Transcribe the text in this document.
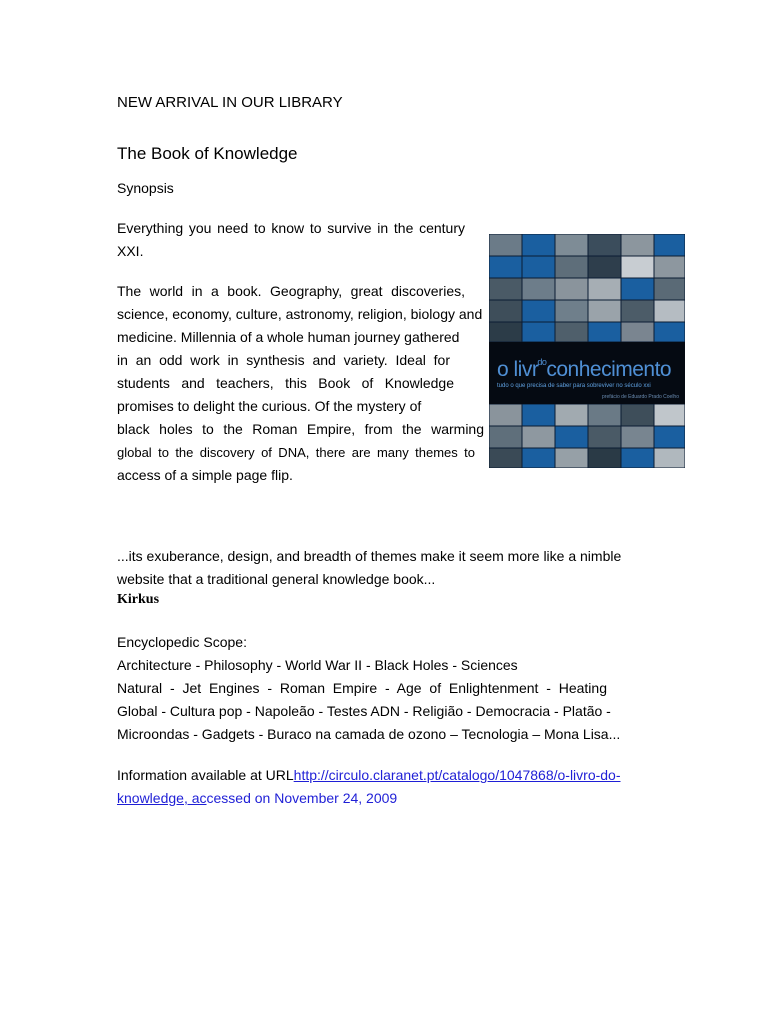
NEW ARRIVAL IN OUR LIBRARY

The Book of Knowledge

Synopsis

Everything you need to know to survive in the century
XXI.
The world in a book. Geography, great discoveries,
science, economy, culture, astronomy, religion, biology and
medicine. Millennia of a whole human journey gathered
in an odd work in synthesis and variety. Ideal for
students and teachers, this Book of Knowledge
promises to delight the curious. Of the mystery of
black holes to the Roman Empire, from the warming
global to the discovery of DNA, there are many themes to
access of a simple page flip.
o livr$^{do}$conhecimento
tudo o que precisa de saber para sobreviver no século xxi
prefácio de Eduardo Prado Coelho
...its exuberance, design, and breadth of themes make it seem more like a nimble
website that a traditional general knowledge book...

Kirkus

Encyclopedic Scope:

Architecture - Philosophy - World War II - Black Holes - Sciences
Natural - Jet Engines - Roman Empire - Age of Enlightenment - Heating
Global - Cultura pop - Napoleão - Testes ADN - Religião - Democracia - Platão -
Microondas - Gadgets - Buraco na camada de ozono – Tecnologia – Mona Lisa...
Information available at URLhttp://circulo.claranet.pt/catalogo/1047868/o-livro-do-
knowledge, accessed on November 24, 2009
